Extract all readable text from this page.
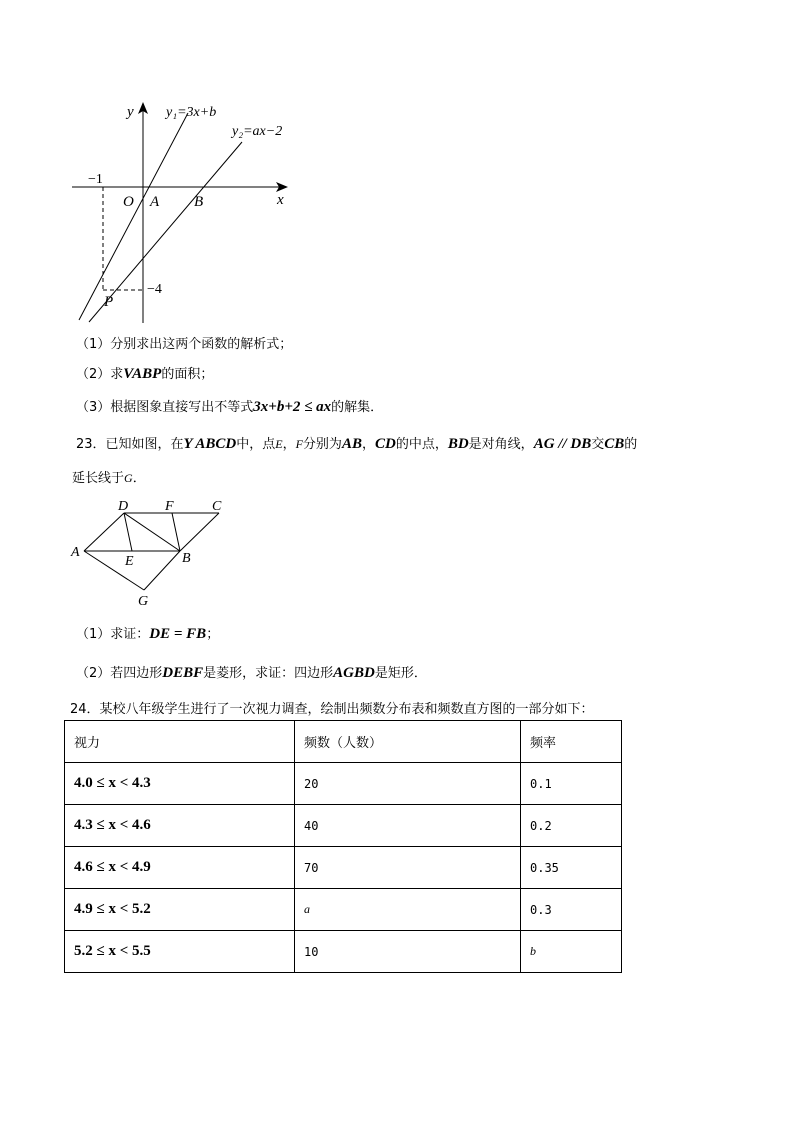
y
x
y₁=3x+b
y₂=ax−2
−1
O A B
−4
P
（1）分别求出这两个函数的解析式；
（2）求VABP的面积；
（3）根据图象直接写出不等式3x+b+2 ≤ ax的解集．
23．已知如图，在Y ABCD中，点E，F分别为AB，CD的中点，BD是对角线，AG // DB交CB的
延长线于G．
D	F	C
A
E	B
G
（1）求证：DE = FB；
（2）若四边形DEBF是菱形，求证：四边形AGBD是矩形．
24．某校八年级学生进行了一次视力调查，绘制出频数分布表和频数直方图的一部分如下：
视力	频数（人数）	频率
4.0 ≤ x < 4.3	20	0.1
4.3 ≤ x < 4.6	40	0.2
4.6 ≤ x < 4.9	70	0.35
4.9 ≤ x < 5.2	a	0.3
5.2 ≤ x < 5.5	10	b
